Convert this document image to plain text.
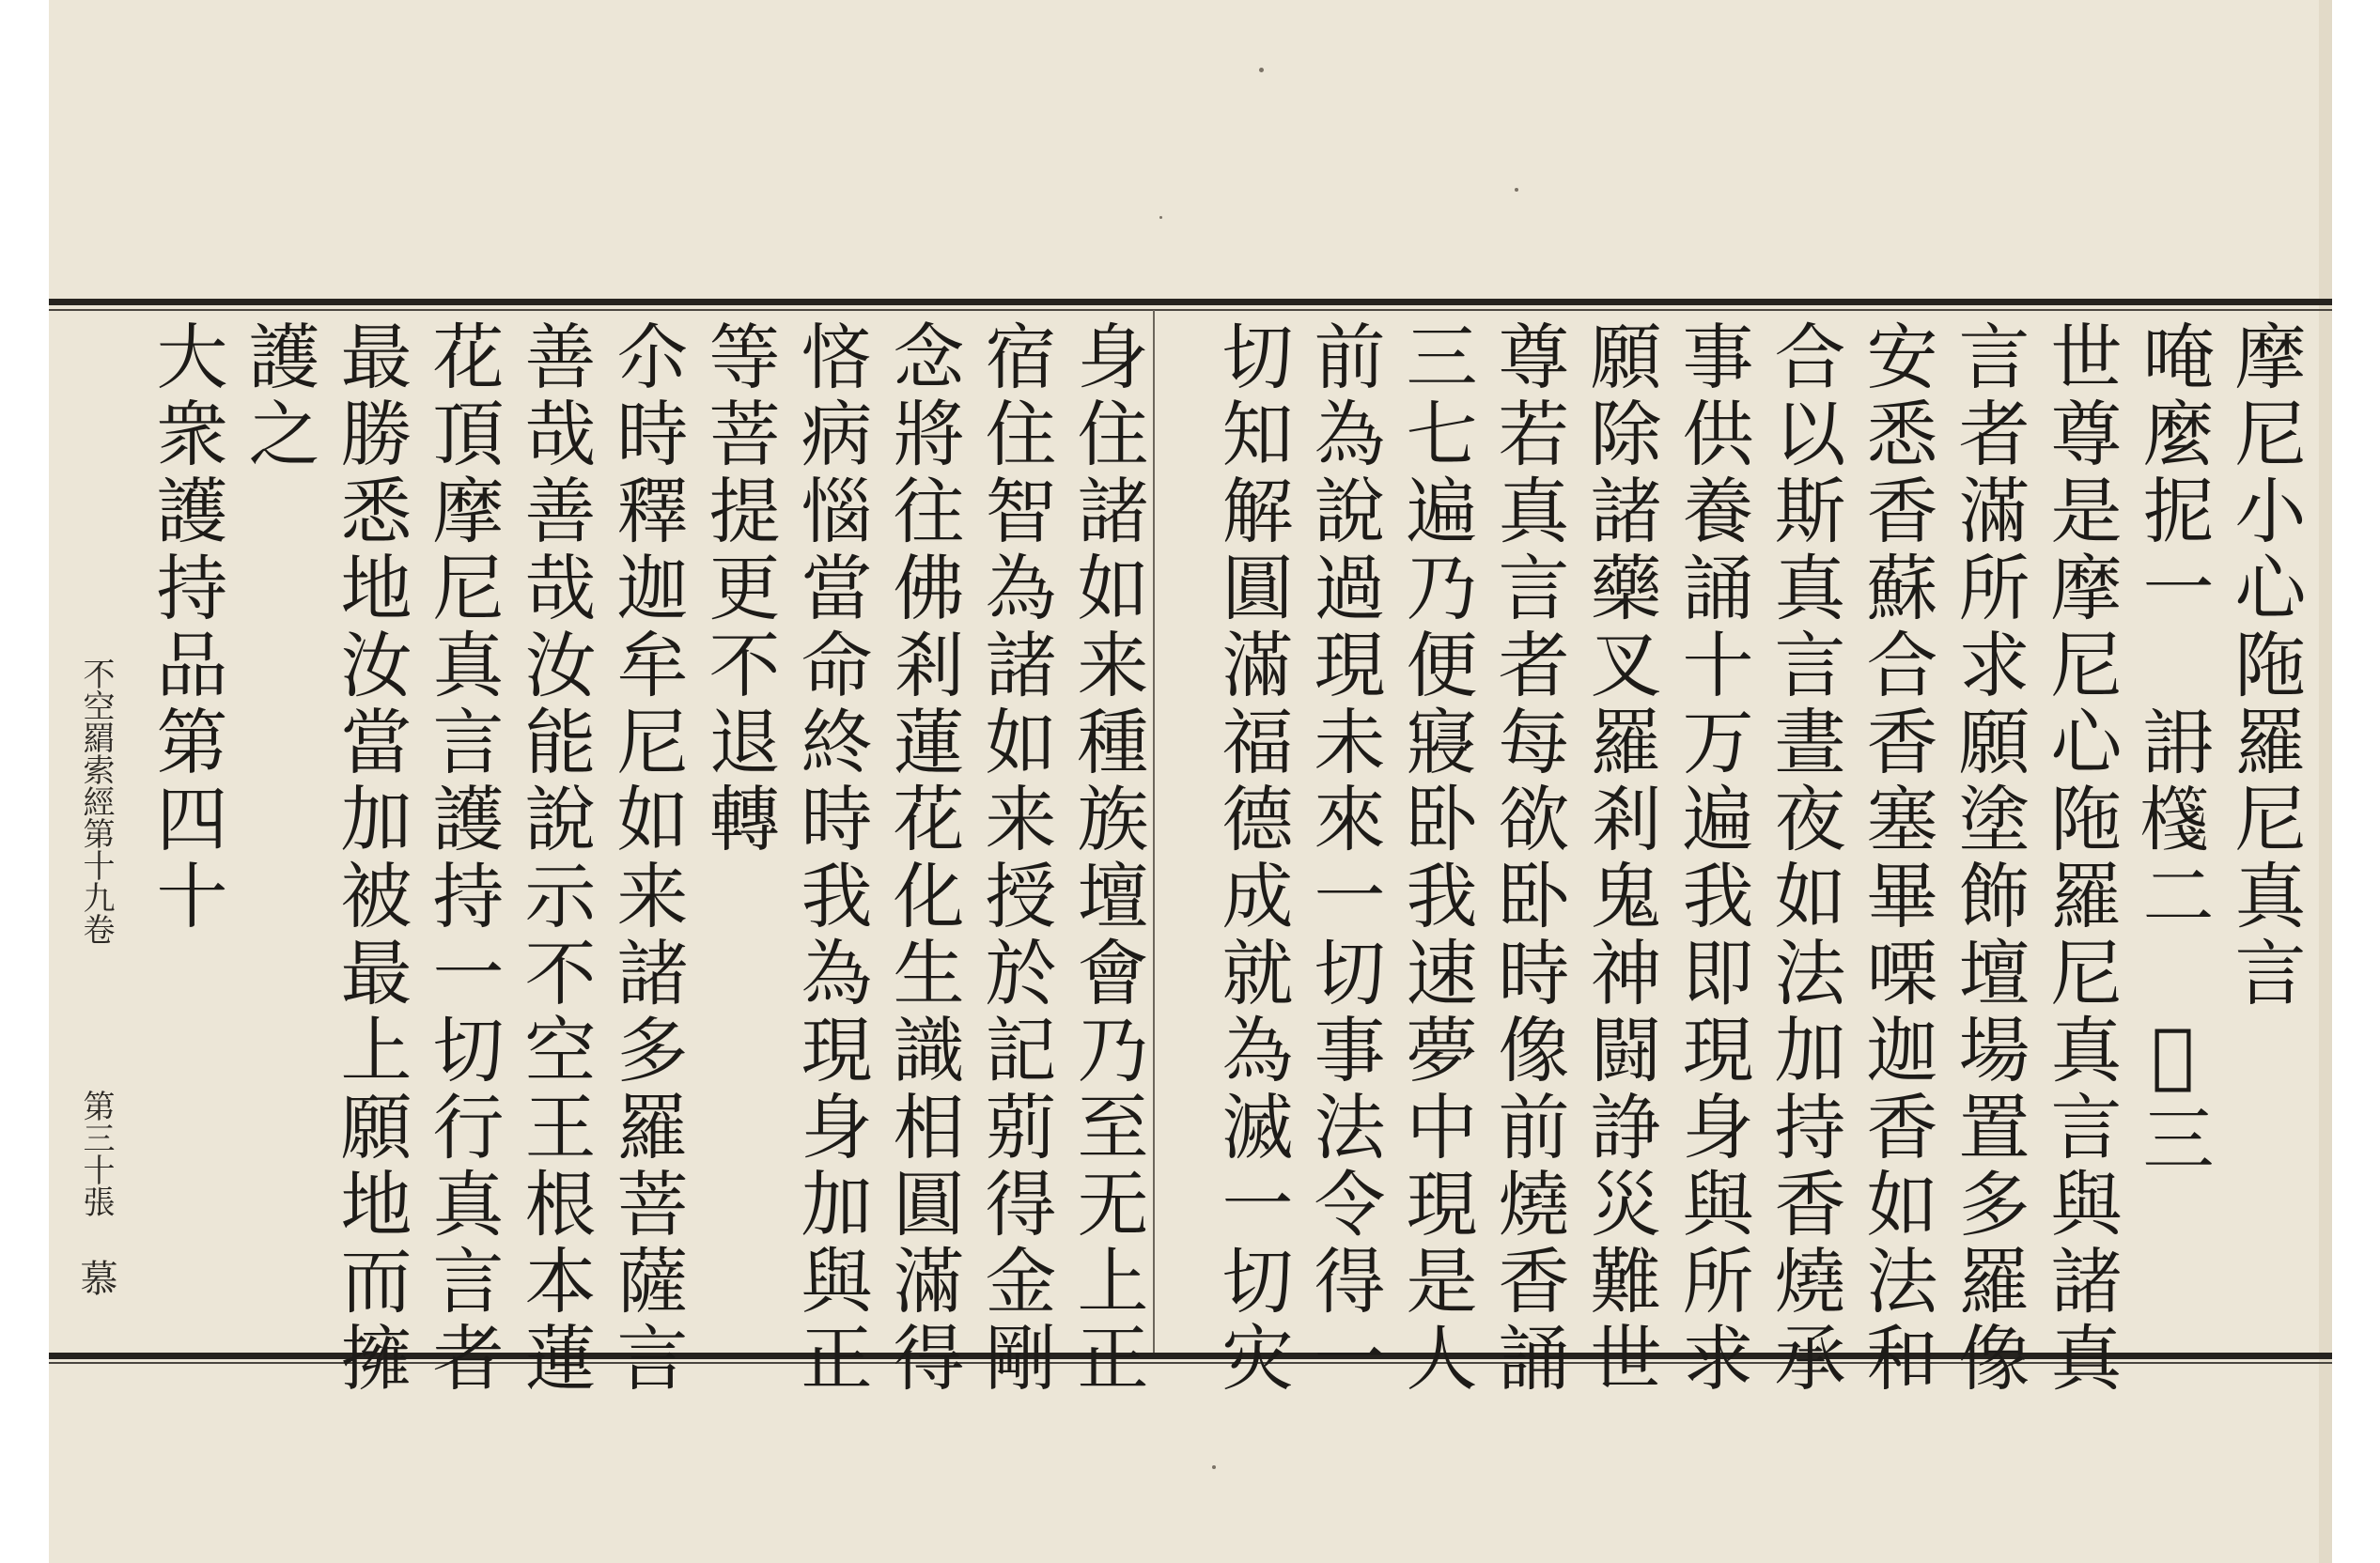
摩尼小心陁羅尼真言
唵麼抳一　䛁𣝕二　𠌐三
世尊是摩尼心陁羅尼真言與諸真
言者滿所求願塗飾壇場置多羅像
安悉香蘇合香塞畢㗚迦香如法和
合以斯真言晝夜如法加持香燒承
事供養誦十万遍我即現身與所求
願除諸藥叉羅剎鬼神闘諍災難世
尊若真言者每欲卧時像前燒香誦
三七遍乃便寢卧我速夢中現是人
前為說過現未來一切事法令得一
切知解圓滿福德成就為滅一切灾
身住諸如来種族壇會乃至无上正
宿住智為諸如来授於記莂得金剛
念將往佛剎蓮花化生識相圓滿得
悋病惱當命終時我為現身加與正
等菩提更不退轉
尒時釋迦牟尼如来諸多羅菩薩言
善哉善哉汝能說示不空王根本蓮
花頂摩尼真言護持一切行真言者
最勝悉地汝當加被最上願地而擁
護之
大衆護持品第四十
不空羂索經第十九卷
第三十張
慕
